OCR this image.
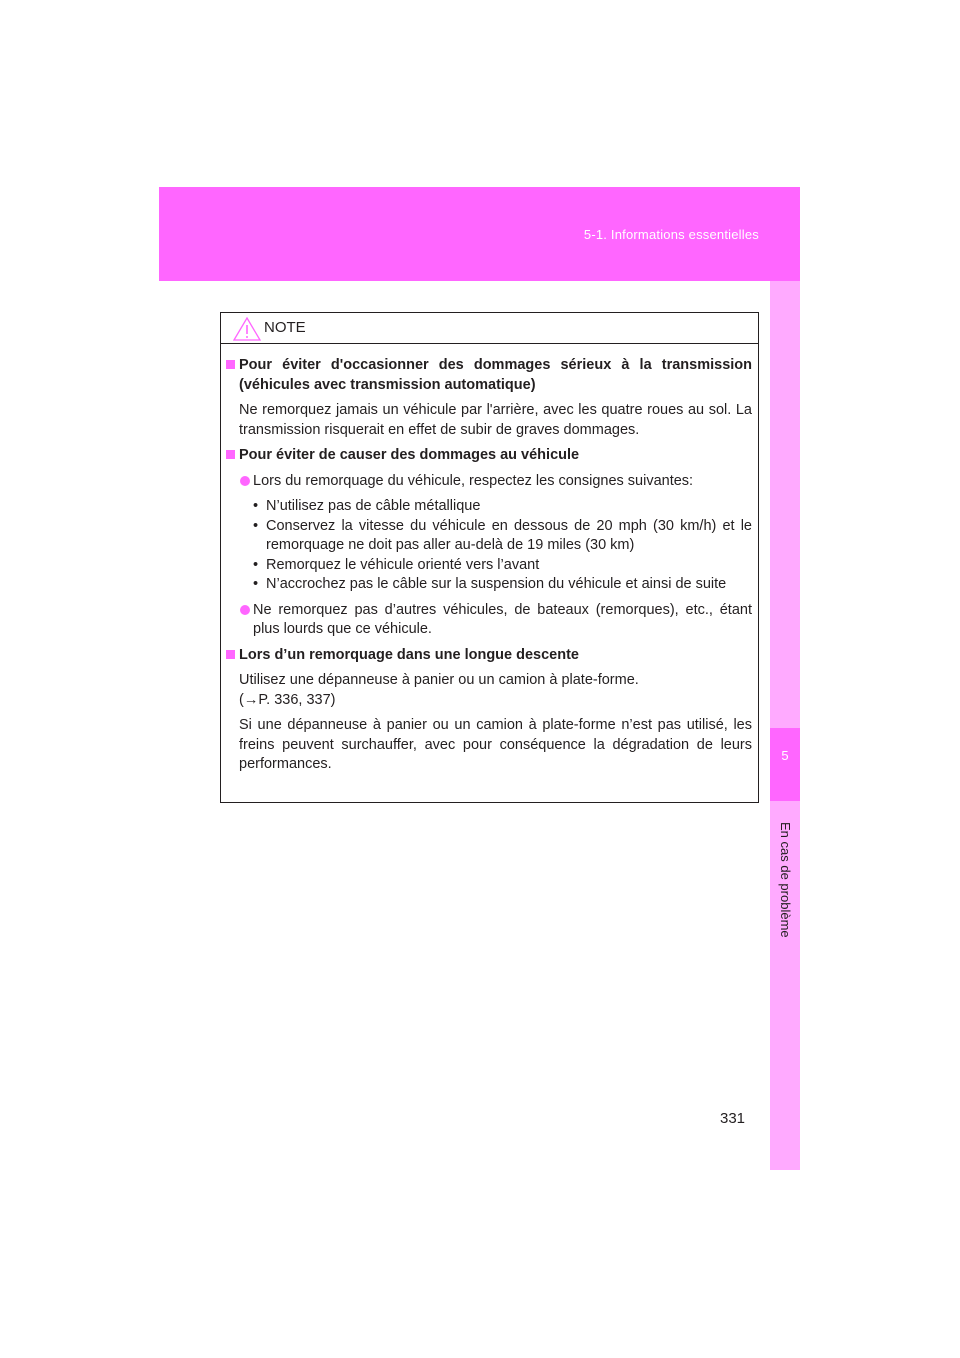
5-1. Informations essentielles
5
En cas de problème
NOTE
Pour éviter d'occasionner des dommages sérieux à la transmission (véhicules avec transmission automatique)

Ne remorquez jamais un véhicule par l'arrière, avec les quatre roues au sol. La transmission risquerait en effet de subir de graves dommages.

Pour éviter de causer des dommages au véhicule
Lors du remorquage du véhicule, respectez les consignes suivantes:
• N’utilisez pas de câble métallique
• Conservez la vitesse du véhicule en dessous de 20 mph (30 km/h) et le remorquage ne doit pas aller au-delà de 19 miles (30 km)
• Remorquez le véhicule orienté vers l’avant
• N’accrochez pas le câble sur la suspension du véhicule et ainsi de suite
Ne remorquez pas d’autres véhicules, de bateaux (remorques), etc., étant plus lourds que ce véhicule.
Lors d’un remorquage dans une longue descente

Utilisez une dépanneuse à panier ou un camion à plate-forme.

(→P. 336, 337)

Si une dépanneuse à panier ou un camion à plate-forme n’est pas utilisé, les freins peuvent surchauffer, avec pour conséquence la dégradation de leurs performances.

331
